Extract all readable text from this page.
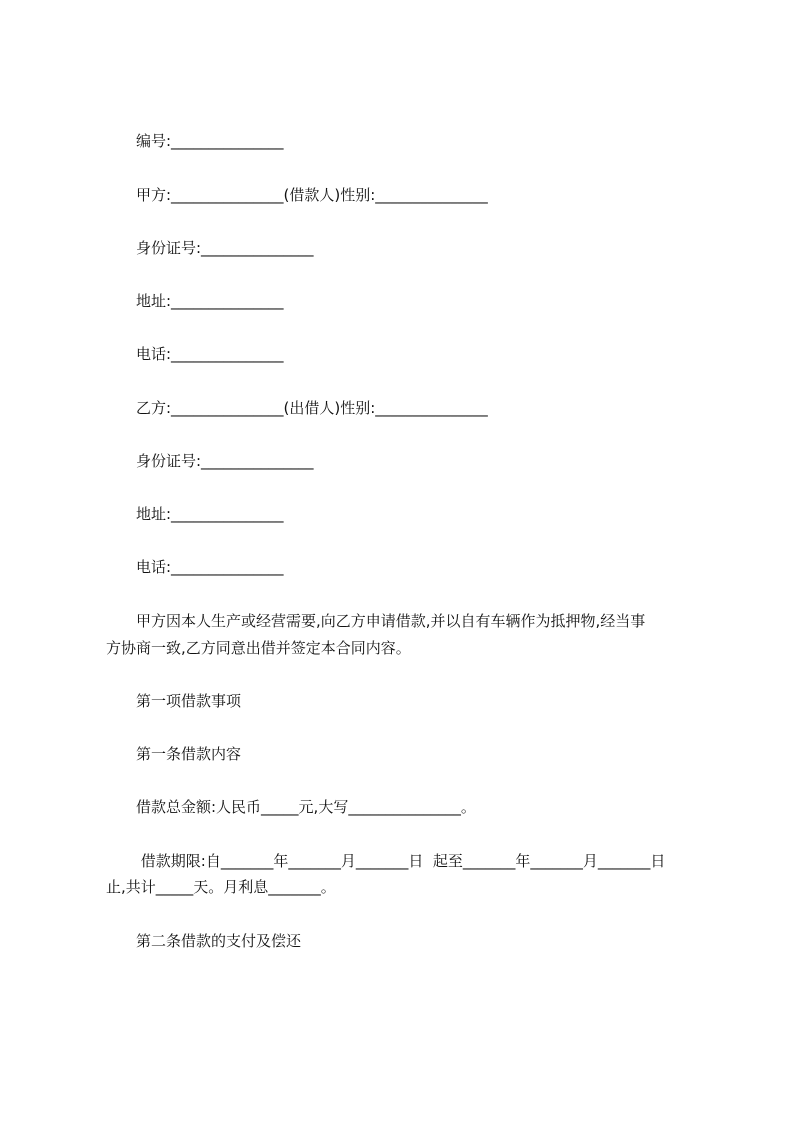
编号:_______________
甲方:_______________(借款人)性别:_______________
身份证号:_______________
地址:_______________
电话:_______________
乙方:_______________(出借人)性别:_______________
身份证号:_______________
地址:_______________
电话:_______________
甲方因本人生产或经营需要,向乙方申请借款,并以自有车辆作为抵押物,经当事
方协商一致,乙方同意出借并签定本合同内容。
第一项借款事项
第一条借款内容
借款总金额:人民币_____元,大写_______________。
借款期限:自_______年_______月_______日  起至_______年_______月_______日
止,共计_____天。月利息_______。
第二条借款的支付及偿还
